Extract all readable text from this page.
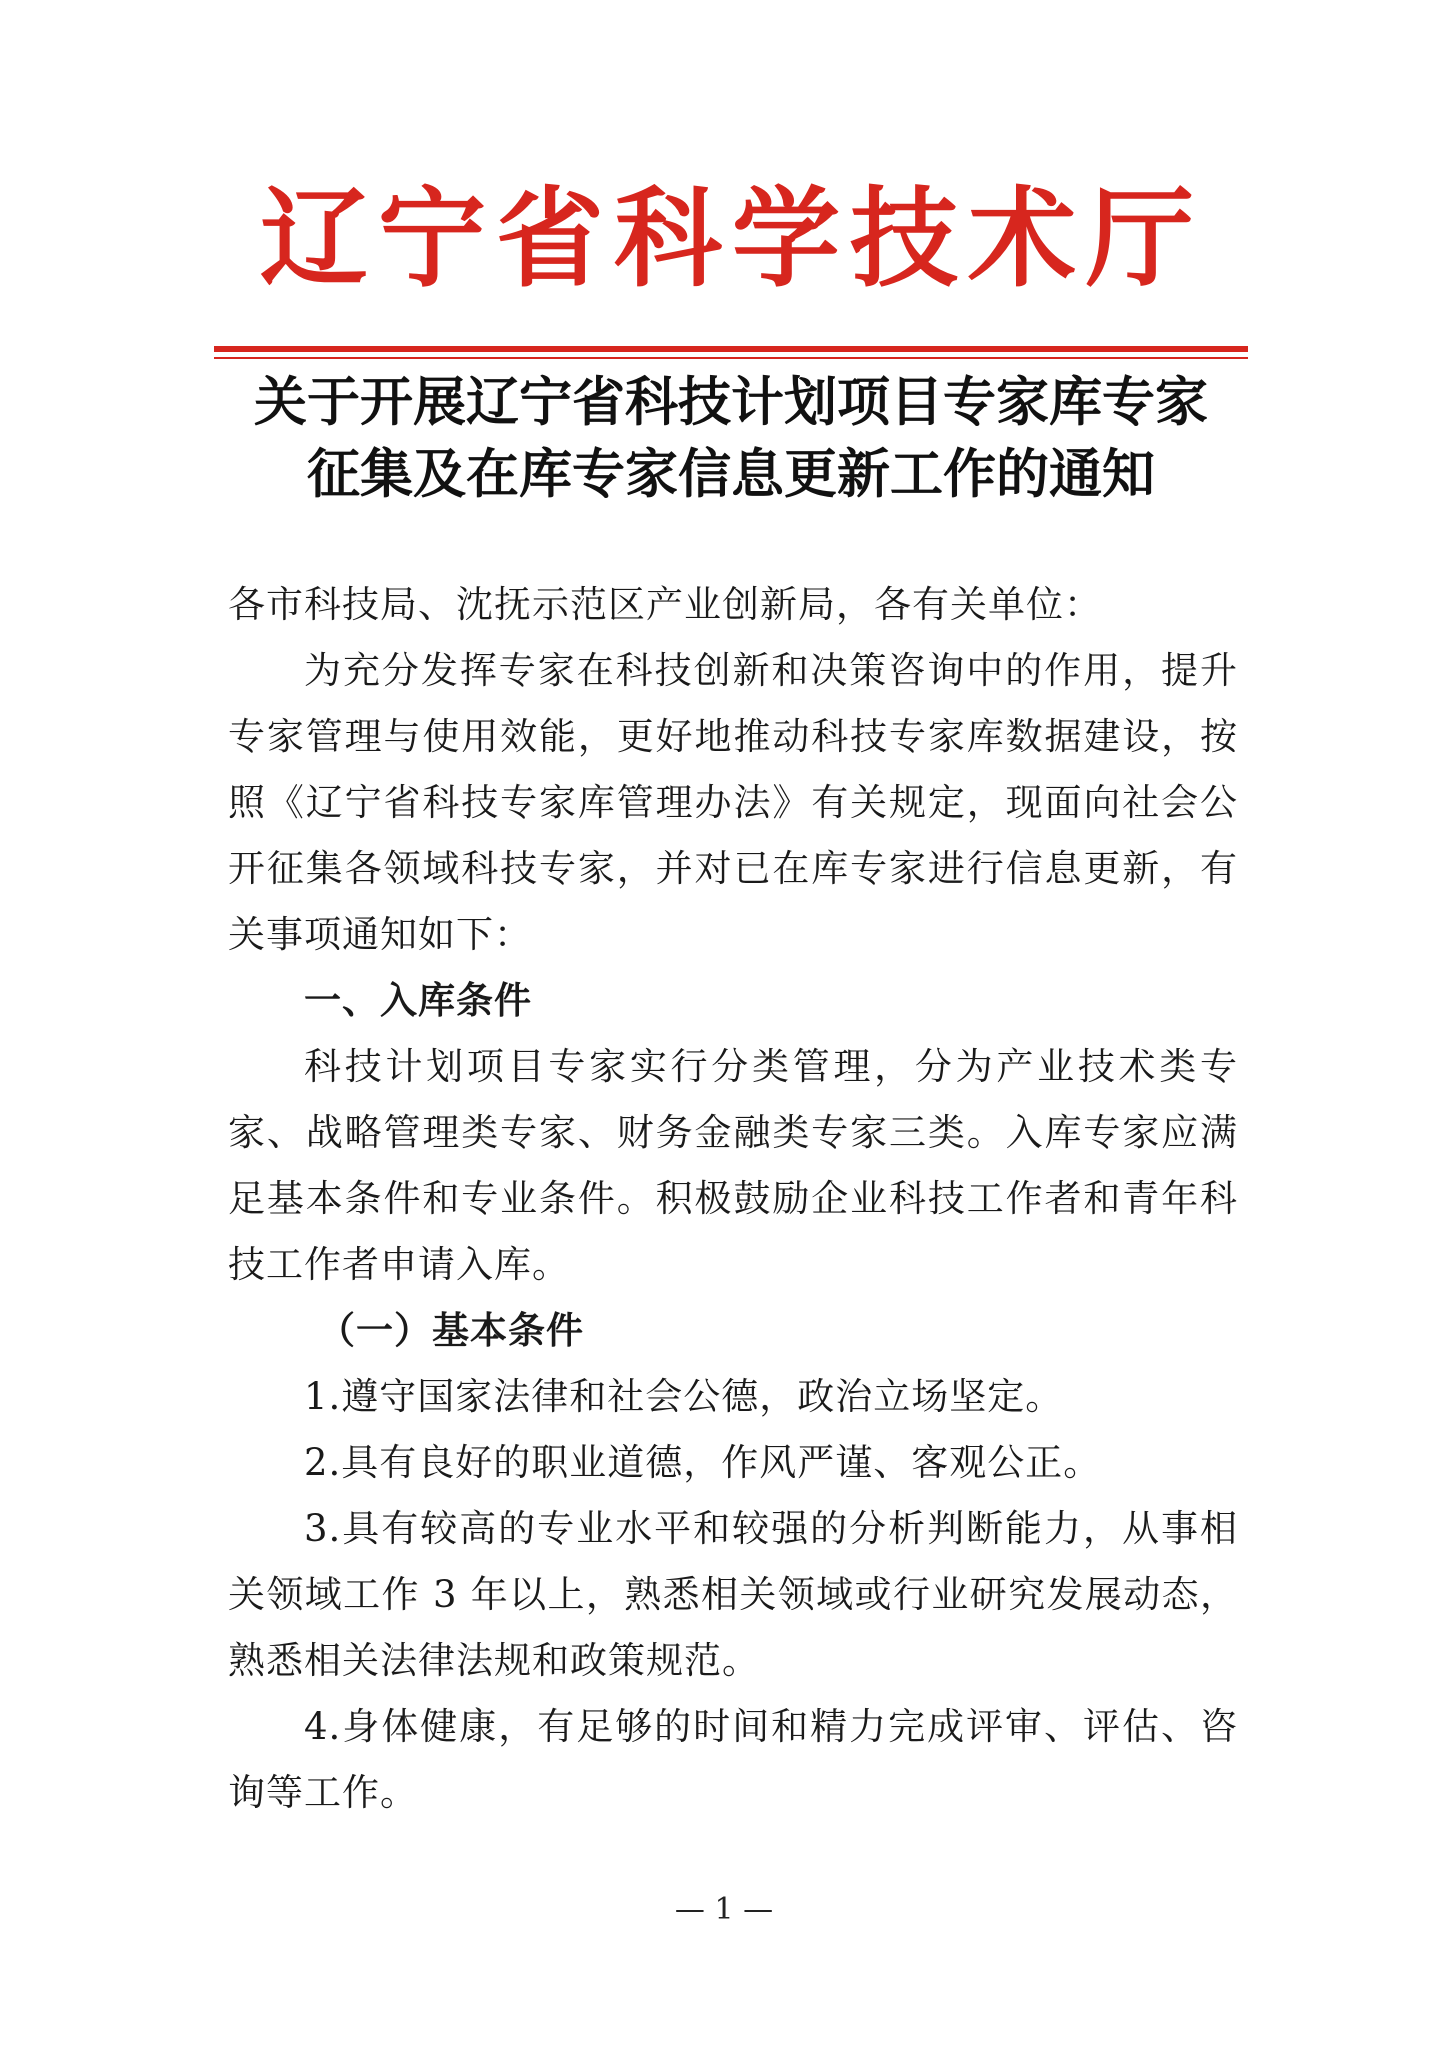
辽宁省科学技术厅
关于开展辽宁省科技计划项目专家库专家
征集及在库专家信息更新工作的通知
各市科技局、沈抚示范区产业创新局，各有关单位：

为充分发挥专家在科技创新和决策咨询中的作用，提升专家管理与使用效能，更好地推动科技专家库数据建设，按照《辽宁省科技专家库管理办法》有关规定，现面向社会公开征集各领域科技专家，并对已在库专家进行信息更新，有关事项通知如下：

一、入库条件

科技计划项目专家实行分类管理，分为产业技术类专家、战略管理类专家、财务金融类专家三类。入库专家应满足基本条件和专业条件。积极鼓励企业科技工作者和青年科技工作者申请入库。

（一）基本条件

1.遵守国家法律和社会公德，政治立场坚定。

2.具有良好的职业道德，作风严谨、客观公正。

3.具有较高的专业水平和较强的分析判断能力，从事相关领域工作 3 年以上，熟悉相关领域或行业研究发展动态，熟悉相关法律法规和政策规范。

4.身体健康，有足够的时间和精力完成评审、评估、咨询等工作。

— 1 —
